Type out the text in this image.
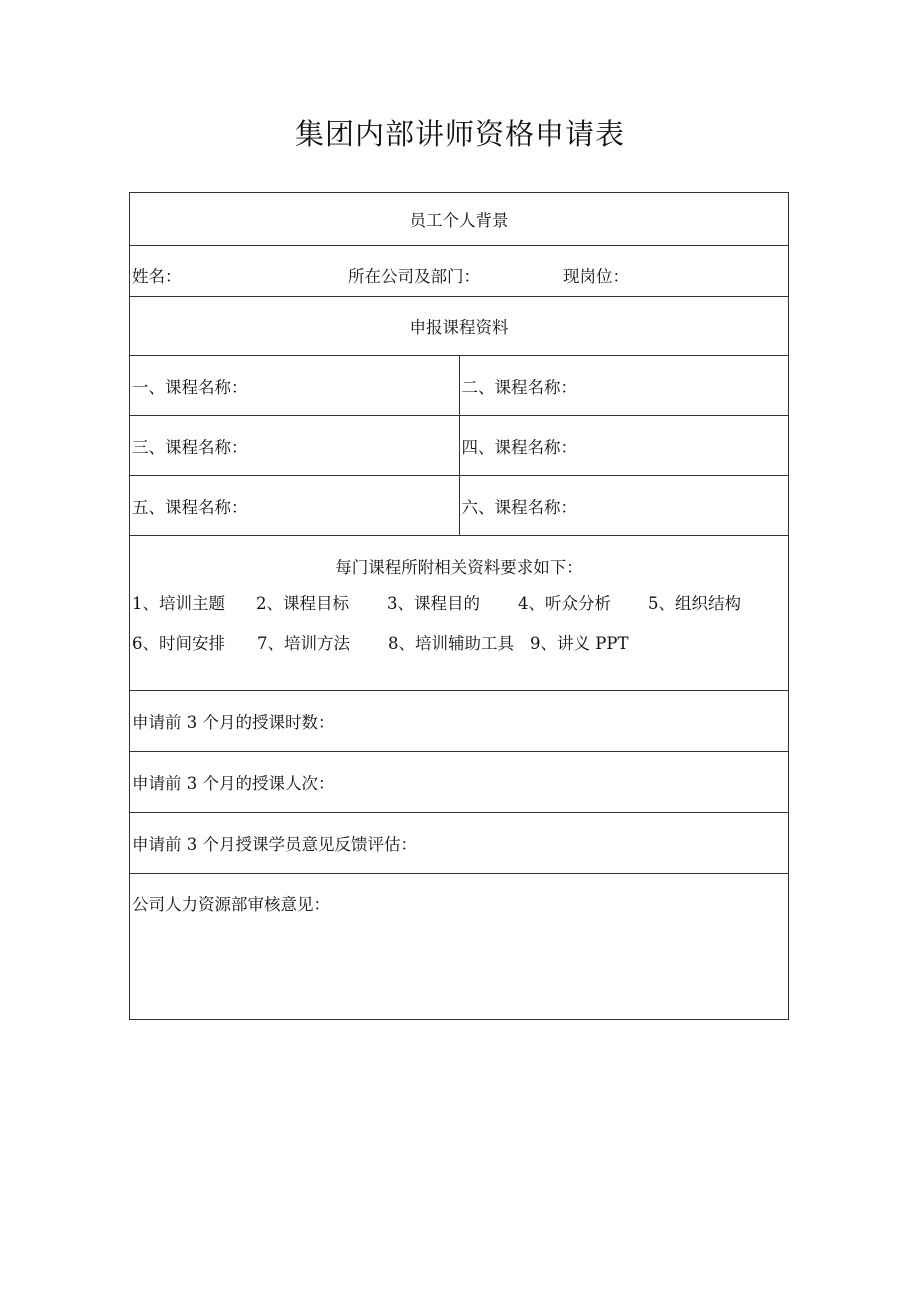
集团内部讲师资格申请表
员工个人背景
姓名：	所在公司及部门：	现岗位：
申报课程资料
一、课程名称：	二、课程名称：
三、课程名称：	四、课程名称：
五、课程名称：	六、课程名称：
每门课程所附相关资料要求如下：
1、培训主题 2、课程目标 3、课程目的 4、听众分析 5、组织结构
6、时间安排 7、培训方法 8、培训辅助工具 9、讲义 PPT
申请前 3 个月的授课时数：
申请前 3 个月的授课人次：
申请前 3 个月授课学员意见反馈评估：
公司人力资源部审核意见：
